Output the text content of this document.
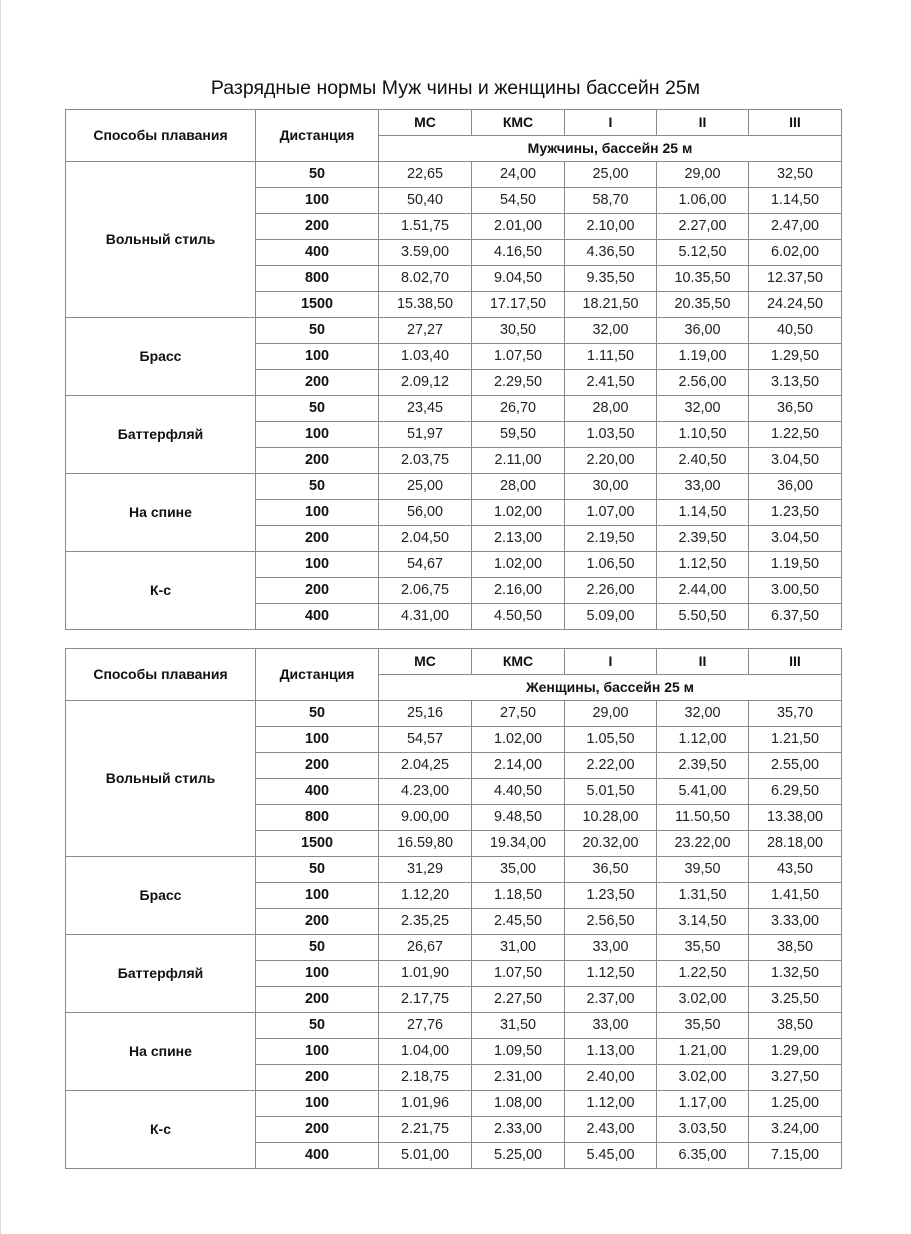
Разрядные нормы Муж чины и женщины бассейн 25м
Способы плавания	Дистанция	МС	КМС	I	II	III
		Мужчины, бассейн 25 м				
Вольный стиль	50	22,65	24,00	25,00	29,00	32,50
	100	50,40	54,50	58,70	1.06,00	1.14,50
	200	1.51,75	2.01,00	2.10,00	2.27,00	2.47,00
	400	3.59,00	4.16,50	4.36,50	5.12,50	6.02,00
	800	8.02,70	9.04,50	9.35,50	10.35,50	12.37,50
	1500	15.38,50	17.17,50	18.21,50	20.35,50	24.24,50
Брасс	50	27,27	30,50	32,00	36,00	40,50
	100	1.03,40	1.07,50	1.11,50	1.19,00	1.29,50
	200	2.09,12	2.29,50	2.41,50	2.56,00	3.13,50
Баттерфляй	50	23,45	26,70	28,00	32,00	36,50
	100	51,97	59,50	1.03,50	1.10,50	1.22,50
	200	2.03,75	2.11,00	2.20,00	2.40,50	3.04,50
На спине	50	25,00	28,00	30,00	33,00	36,00
	100	56,00	1.02,00	1.07,00	1.14,50	1.23,50
	200	2.04,50	2.13,00	2.19,50	2.39,50	3.04,50
К-с	100	54,67	1.02,00	1.06,50	1.12,50	1.19,50
	200	2.06,75	2.16,00	2.26,00	2.44,00	3.00,50
	400	4.31,00	4.50,50	5.09,00	5.50,50	6.37,50
Способы плавания	Дистанция	МС	КМС	I	II	III
		Женщины, бассейн 25 м				
Вольный стиль	50	25,16	27,50	29,00	32,00	35,70
	100	54,57	1.02,00	1.05,50	1.12,00	1.21,50
	200	2.04,25	2.14,00	2.22,00	2.39,50	2.55,00
	400	4.23,00	4.40,50	5.01,50	5.41,00	6.29,50
	800	9.00,00	9.48,50	10.28,00	11.50,50	13.38,00
	1500	16.59,80	19.34,00	20.32,00	23.22,00	28.18,00
Брасс	50	31,29	35,00	36,50	39,50	43,50
	100	1.12,20	1.18,50	1.23,50	1.31,50	1.41,50
	200	2.35,25	2.45,50	2.56,50	3.14,50	3.33,00
Баттерфляй	50	26,67	31,00	33,00	35,50	38,50
	100	1.01,90	1.07,50	1.12,50	1.22,50	1.32,50
	200	2.17,75	2.27,50	2.37,00	3.02,00	3.25,50
На спине	50	27,76	31,50	33,00	35,50	38,50
	100	1.04,00	1.09,50	1.13,00	1.21,00	1.29,00
	200	2.18,75	2.31,00	2.40,00	3.02,00	3.27,50
К-с	100	1.01,96	1.08,00	1.12,00	1.17,00	1.25,00
	200	2.21,75	2.33,00	2.43,00	3.03,50	3.24,00
	400	5.01,00	5.25,00	5.45,00	6.35,00	7.15,00
